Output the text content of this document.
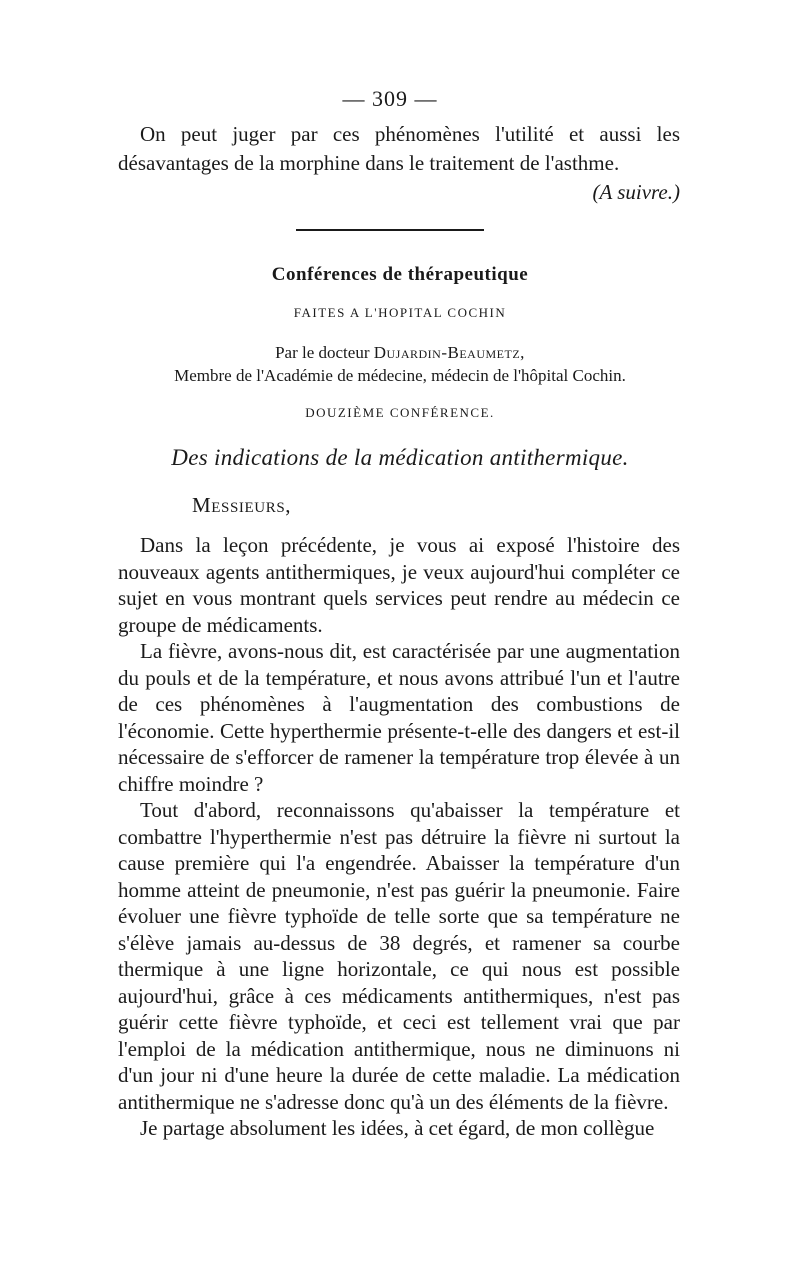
— 309 —

On peut juger par ces phénomènes l'utilité et aussi les désavantages de la morphine dans le traitement de l'asthme.

(A suivre.)
Conférences de thérapeutique
FAITES A L'HOPITAL COCHIN
Par le docteur Dujardin-Beaumetz,
Membre de l'Académie de médecine, médecin de l'hôpital Cochin.
DOUZIÈME CONFÉRENCE.
Des indications de la médication antithermique.
Messieurs,

Dans la leçon précédente, je vous ai exposé l'histoire des nouveaux agents antithermiques, je veux aujourd'hui compléter ce sujet en vous montrant quels services peut rendre au médecin ce groupe de médicaments.

La fièvre, avons-nous dit, est caractérisée par une augmentation du pouls et de la température, et nous avons attribué l'un et l'autre de ces phénomènes à l'augmentation des combustions de l'économie. Cette hyperthermie présente-t-elle des dangers et est-il nécessaire de s'efforcer de ramener la température trop élevée à un chiffre moindre ?

Tout d'abord, reconnaissons qu'abaisser la température et combattre l'hyperthermie n'est pas détruire la fièvre ni surtout la cause première qui l'a engendrée. Abaisser la température d'un homme atteint de pneumonie, n'est pas guérir la pneumonie. Faire évoluer une fièvre typhoïde de telle sorte que sa température ne s'élève jamais au-dessus de 38 degrés, et ramener sa courbe thermique à une ligne horizontale, ce qui nous est possible aujourd'hui, grâce à ces médicaments antithermiques, n'est pas guérir cette fièvre typhoïde, et ceci est tellement vrai que par l'emploi de la médication antithermique, nous ne diminuons ni d'un jour ni d'une heure la durée de cette maladie. La médication antithermique ne s'adresse donc qu'à un des éléments de la fièvre.

Je partage absolument les idées, à cet égard, de mon collègue
